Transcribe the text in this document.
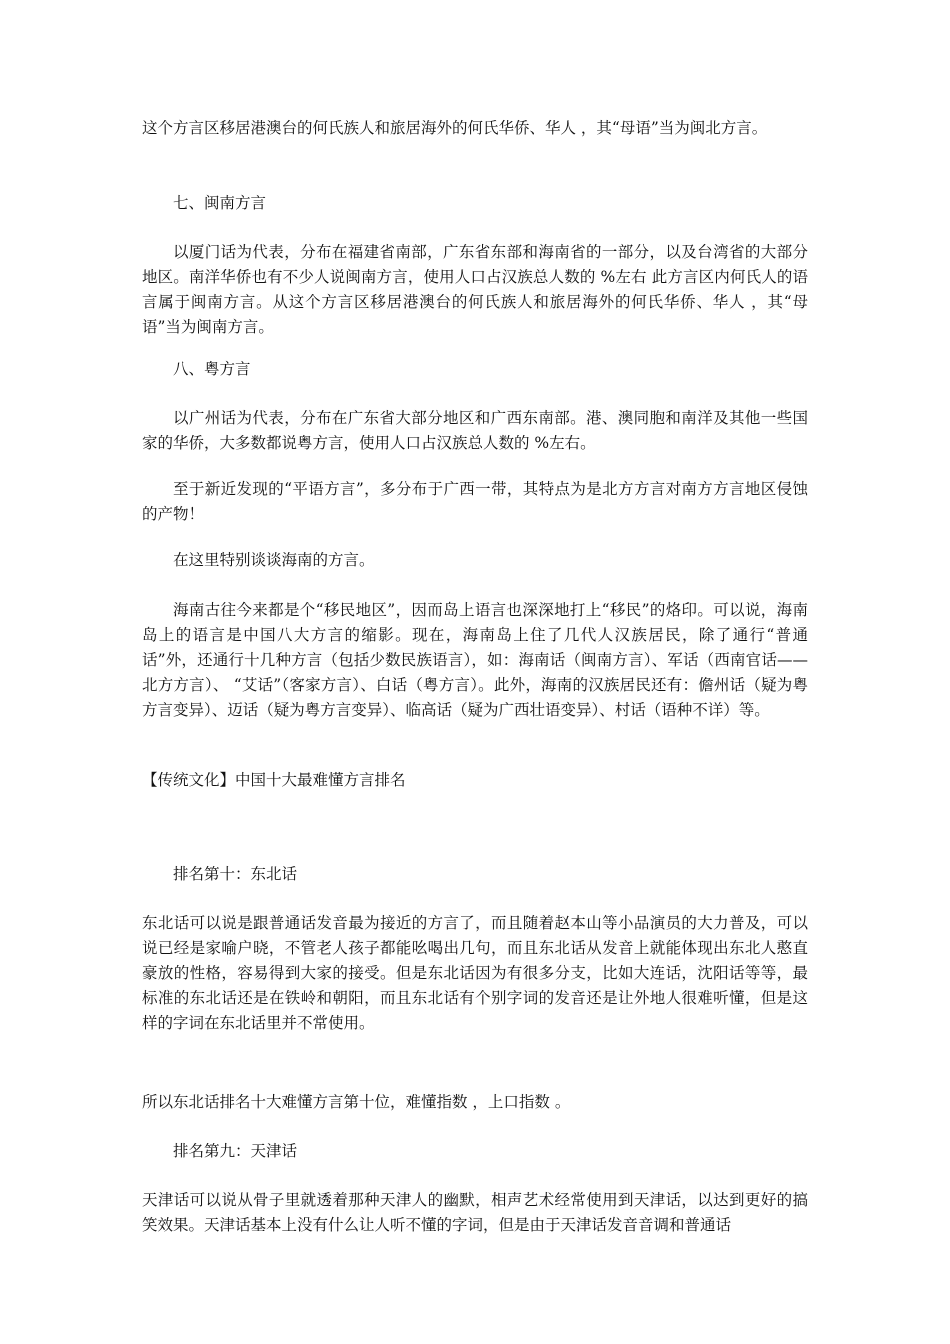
这个方言区移居港澳台的何氏族人和旅居海外的何氏华侨、华人 ，其“母语”当为闽北方言。

七、闽南方言

以厦门话为代表，分布在福建省南部，广东省东部和海南省的一部分，以及台湾省的大部分地区。南洋华侨也有不少人说闽南方言，使用人口占汉族总人数的 %左右 此方言区内何氏人的语言属于闽南方言。从这个方言区移居港澳台的何氏族人和旅居海外的何氏华侨、华人 ，其“母语”当为闽南方言。

八、粤方言

以广州话为代表，分布在广东省大部分地区和广西东南部。港、澳同胞和南洋及其他一些国家的华侨，大多数都说粤方言，使用人口占汉族总人数的 %左右。

至于新近发现的“平语方言”，多分布于广西一带，其特点为是北方方言对南方方言地区侵蚀的产物！

在这里特别谈谈海南的方言。

海南古往今来都是个“移民地区”，因而岛上语言也深深地打上“移民”的烙印。可以说，海南岛上的语言是中国八大方言的缩影。现在，海南岛上住了几代人汉族居民，除了通行“普通话”外，还通行十几种方言（包括少数民族语言），如：海南话（闽南方言）、军话（西南官话——北方方言）、 “艾话”（客家方言）、白话（粤方言）。此外，海南的汉族居民还有：儋州话（疑为粤方言变异）、迈话（疑为粤方言变异）、临高话（疑为广西壮语变异）、村话（语种不详）等。

【传统文化】中国十大最难懂方言排名

排名第十：东北话

东北话可以说是跟普通话发音最为接近的方言了，而且随着赵本山等小品演员的大力普及，可以说已经是家喻户晓，不管老人孩子都能吆喝出几句，而且东北话从发音上就能体现出东北人憨直豪放的性格，容易得到大家的接受。但是东北话因为有很多分支，比如大连话，沈阳话等等，最标准的东北话还是在铁岭和朝阳，而且东北话有个别字词的发音还是让外地人很难听懂，但是这样的字词在东北话里并不常使用。

所以东北话排名十大难懂方言第十位，难懂指数 ，上口指数 。

排名第九：天津话

天津话可以说从骨子里就透着那种天津人的幽默，相声艺术经常使用到天津话，以达到更好的搞笑效果。天津话基本上没有什么让人听不懂的字词，但是由于天津话发音音调和普通话
